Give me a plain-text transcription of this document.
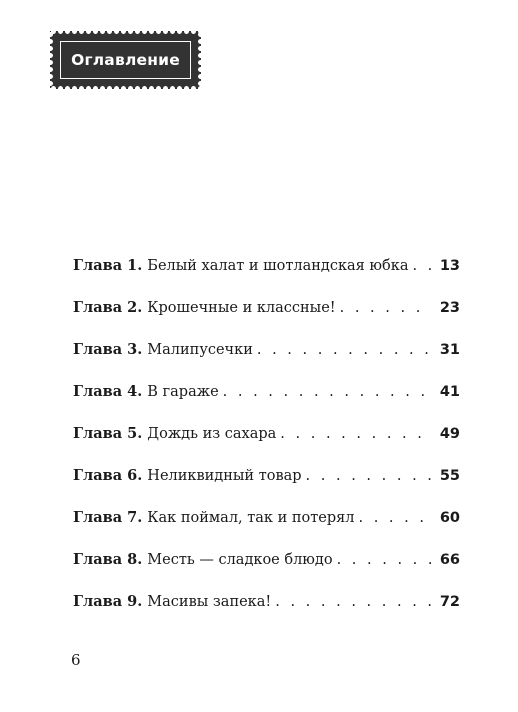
Оглавление
Глава 1. Белый халат и шотландская юбка . . . 13
Глава 2. Крошечные и классные! . . .	23
Глава 3. Малипусечки . . .	31
Глава 4. В гараже . . .	41
Глава 5. Дождь из сахара . . .	49
Глава 6. Неликвидный товар . . .	55
Глава 7. Как поймал, так и потерял . . .	60
Глава 8. Месть — сладкое блюдо . . .	66
Глава 9. Масивы запека! . . .	72
6
